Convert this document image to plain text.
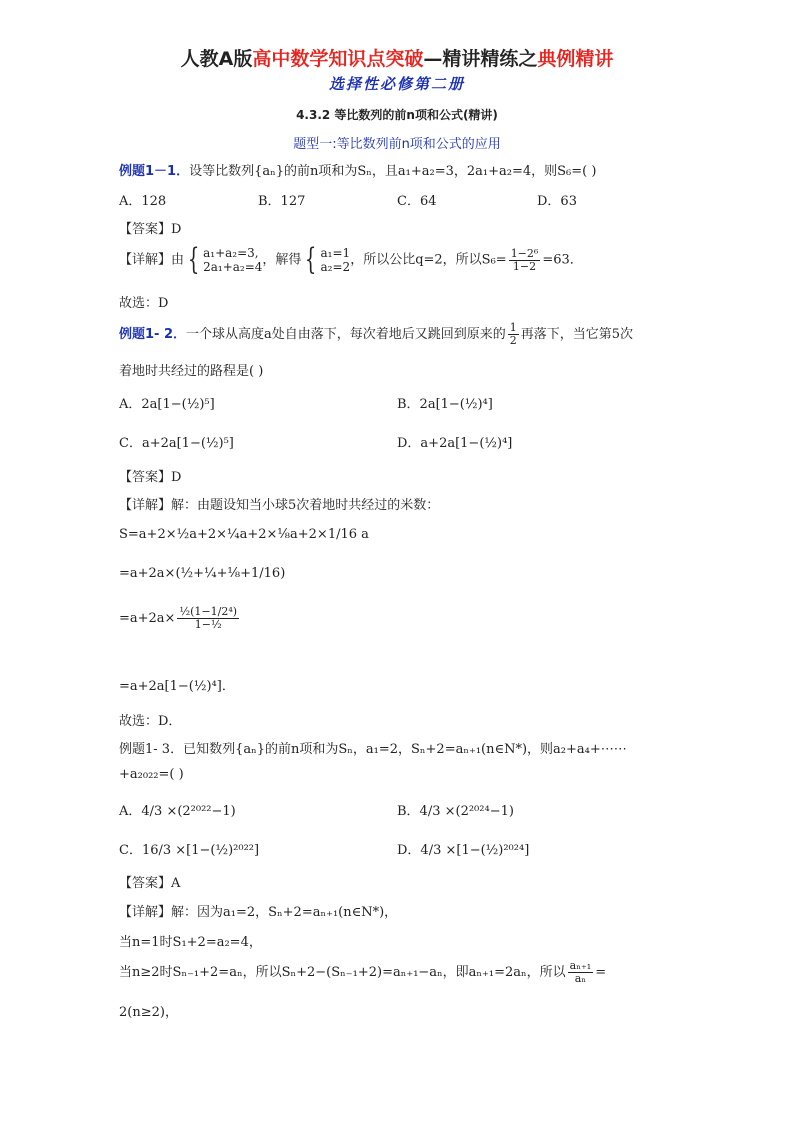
人教A版高中数学知识点突破—精讲精练之典例精讲
选择性必修第二册
4.3.2 等比数列的前n项和公式(精讲)
题型一:等比数列前n项和公式的应用
例题1－1．设等比数列{aₙ}的前n项和为Sₙ，且a₁+a₂=3，2a₁+a₂=4，则S₆=( )
A．128	B．127	C．64	D．63
【答案】D
【详解】由 { a₁+a₂=3,
2a₁+a₂=4，解得 { a₁=1
a₂=2，所以公比q=2，所以$S_6= \frac{\text{1−2⁶}}{1-2} =63$．
故选：D
例题1- 2．一个球从高度a处自由落下，每次着地后又跳回到原来的 $\frac{1}{2}$ 再落下，当它第5次
着地时共经过的路程是( )
A．2a[1−(½)⁵]	B．2a[1−(½)⁴]
C．a+2a[1−(½)⁵]	D．a+2a[1−(½)⁴]
【答案】D
【详解】解：由题设知当小球5次着地时共经过的米数：
S=a+2×½a+2×¼a+2×⅛a+2×1/16 a
=a+2a×(½+¼+⅛+1/16)
$=a+2a\times \frac{\text{½(1−1/2⁴)}}{\text{1−½}}$
=a+2a[1−(½)⁴]．
故选：D．
例题1- 3．已知数列{aₙ}的前n项和为Sₙ，a₁=2，Sₙ+2=aₙ₊₁(n∈N*)，则a₂+a₄+⋯⋯
+a₂₀₂₂=( )
A．4/3 ×(2²⁰²²−1)	B．4/3 ×(2²⁰²⁴−1)
C．16/3 ×[1−(½)²⁰²²]	D．4/3 ×[1−(½)²⁰²⁴]
【答案】A
【详解】解：因为a₁=2，Sₙ+2=aₙ₊₁(n∈N*)，
当n=1时S₁+2=a₂=4，
当n≥2时Sₙ₋₁+2=aₙ，所以Sₙ+2−(Sₙ₋₁+2)=aₙ₊₁−aₙ，即aₙ₊₁=2aₙ，所以 $\frac{\text{aₙ₊₁}}{\text{aₙ}}$ =
2(n≥2)，
